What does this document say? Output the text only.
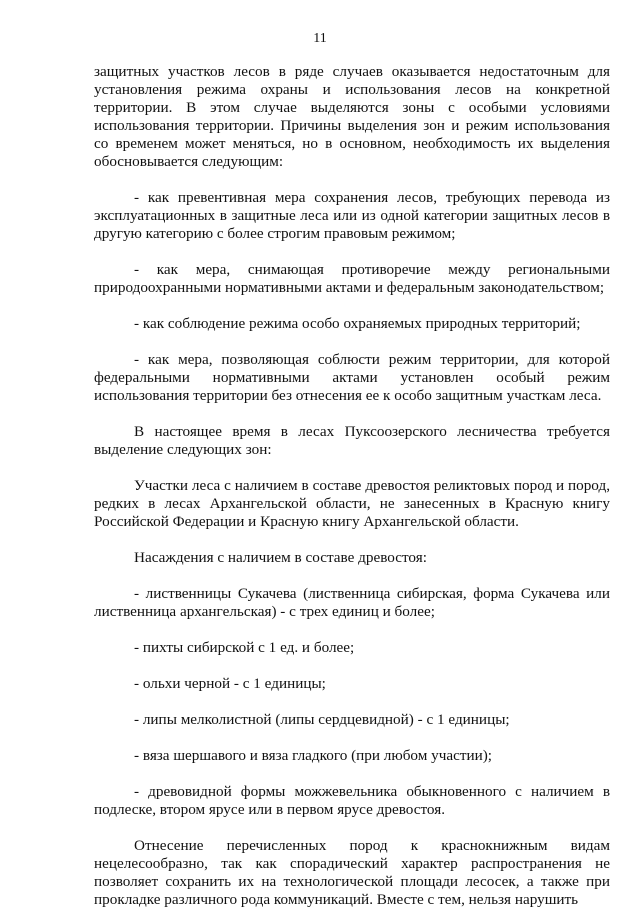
11

защитных участков лесов в ряде случаев оказывается недостаточным для установления режима охраны и использования лесов на конкретной территории. В этом случае выделяются зоны с особыми условиями использования территории. Причины выделения зон и режим использования со временем может меняться, но в основном, необходимость их выделения обосновывается следующим:

- как превентивная мера сохранения лесов, требующих перевода из эксплуатационных в защитные леса или из одной категории защитных лесов в другую категорию с более строгим правовым режимом;

- как мера, снимающая противоречие между региональными природоохранными нормативными актами и федеральным законодательством;

- как соблюдение режима особо охраняемых природных территорий;

- как мера, позволяющая соблюсти режим территории, для которой федеральными нормативными актами установлен особый режим использования территории без отнесения ее к особо защитным участкам леса.

В настоящее время в лесах Пуксоозерского лесничества требуется выделение следующих зон:

Участки леса с наличием в составе древостоя реликтовых пород и пород, редких в лесах Архангельской области, не занесенных в Красную книгу Российской Федерации и Красную книгу Архангельской области.

Насаждения с наличием в составе древостоя:

- лиственницы Сукачева (лиственница сибирская, форма Сукачева или лиственница архангельская) - с трех единиц и более;

- пихты сибирской с 1 ед. и более;

- ольхи черной - с 1 единицы;

- липы мелколистной (липы сердцевидной) - с 1 единицы;

- вяза шершавого и вяза гладкого (при любом участии);

- древовидной формы можжевельника обыкновенного с наличием в подлеске, втором ярусе или в первом ярусе древостоя.

Отнесение перечисленных пород к краснокнижным видам нецелесообразно, так как спорадический характер распространения не позволяет сохранить их на технологической площади лесосек, а также при прокладке различного рода коммуникаций. Вместе с тем, нельзя нарушить
